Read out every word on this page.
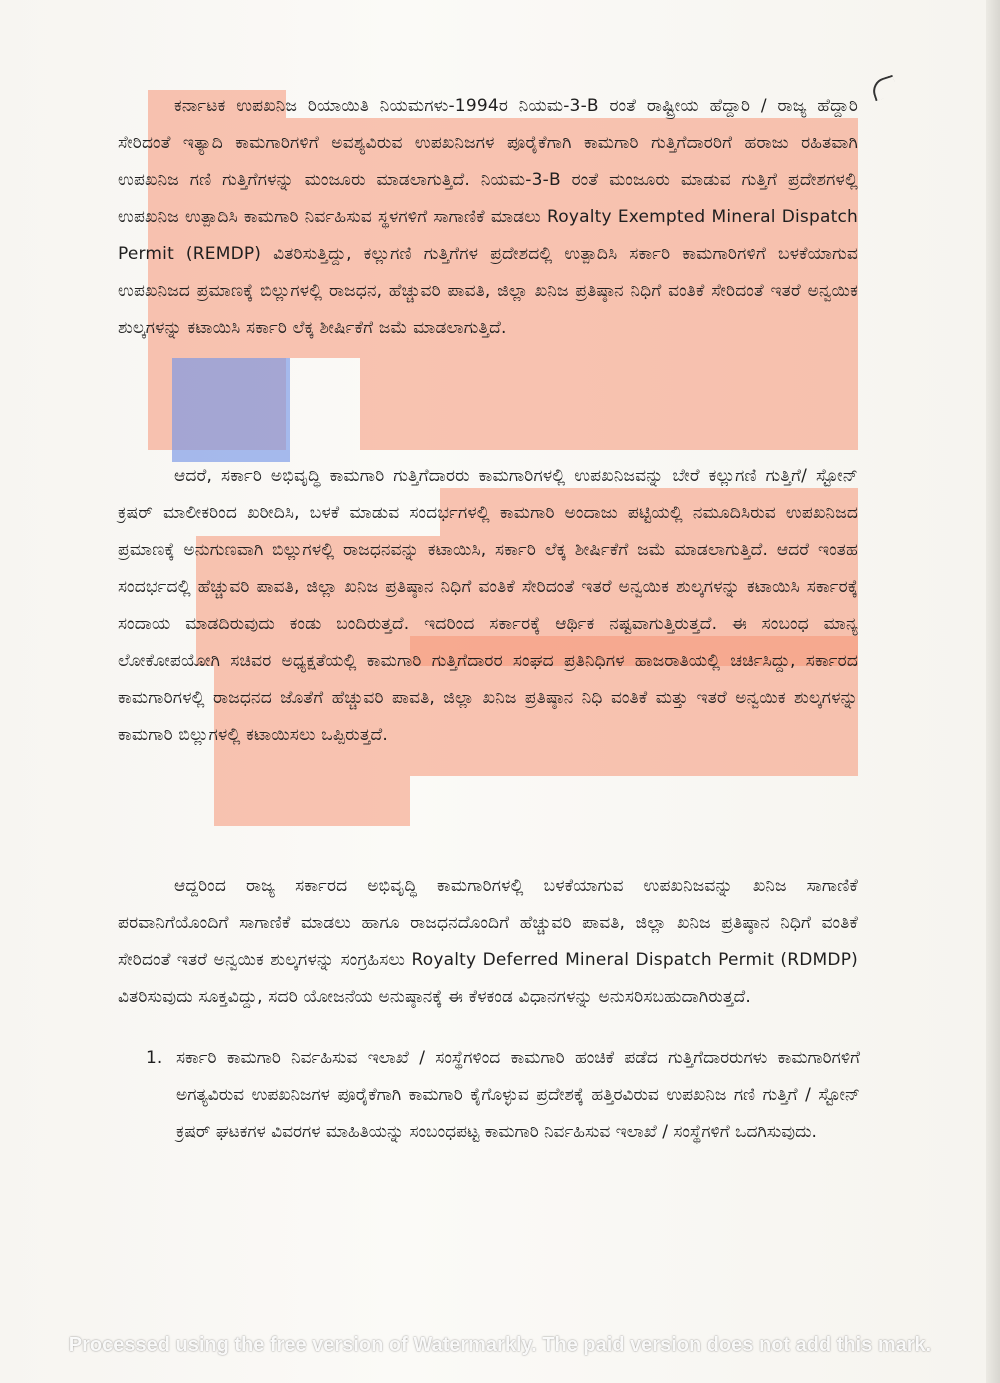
ಕರ್ನಾಟಕ ಉಪಖನಿಜ ರಿಯಾಯಿತಿ ನಿಯಮಗಳು-1994ರ ನಿಯಮ-3-B ರಂತೆ ರಾಷ್ಟ್ರೀಯ ಹೆದ್ದಾರಿ / ರಾಜ್ಯ ಹೆದ್ದಾರಿ ಸೇರಿದಂತೆ ಇತ್ಯಾದಿ ಕಾಮಗಾರಿಗಳಿಗೆ ಅವಶ್ಯವಿರುವ ಉಪಖನಿಜಗಳ ಪೂರೈಕೆಗಾಗಿ ಕಾಮಗಾರಿ ಗುತ್ತಿಗೆದಾರರಿಗೆ ಹರಾಜು ರಹಿತವಾಗಿ ಉಪಖನಿಜ ಗಣಿ ಗುತ್ತಿಗೆಗಳನ್ನು ಮಂಜೂರು ಮಾಡಲಾಗುತ್ತಿದೆ. ನಿಯಮ-3-B ರಂತೆ ಮಂಜೂರು ಮಾಡುವ ಗುತ್ತಿಗೆ ಪ್ರದೇಶಗಳಲ್ಲಿ ಉಪಖನಿಜ ಉತ್ಪಾದಿಸಿ ಕಾಮಗಾರಿ ನಿರ್ವಹಿಸುವ ಸ್ಥಳಗಳಿಗೆ ಸಾಗಾಣಿಕೆ ಮಾಡಲು Royalty Exempted Mineral Dispatch Permit (REMDP) ವಿತರಿಸುತ್ತಿದ್ದು, ಕಲ್ಲುಗಣಿ ಗುತ್ತಿಗೆಗಳ ಪ್ರದೇಶದಲ್ಲಿ ಉತ್ಪಾದಿಸಿ ಸರ್ಕಾರಿ ಕಾಮಗಾರಿಗಳಿಗೆ ಬಳಕೆಯಾಗುವ ಉಪಖನಿಜದ ಪ್ರಮಾಣಕ್ಕೆ ಬಿಲ್ಲುಗಳಲ್ಲಿ ರಾಜಧನ, ಹೆಚ್ಚುವರಿ ಪಾವತಿ, ಜಿಲ್ಲಾ ಖನಿಜ ಪ್ರತಿಷ್ಠಾನ ನಿಧಿಗೆ ವಂತಿಕೆ ಸೇರಿದಂತೆ ಇತರೆ ಅನ್ವಯಿಕ ಶುಲ್ಕಗಳನ್ನು ಕಟಾಯಿಸಿ ಸರ್ಕಾರಿ ಲೆಕ್ಕ ಶೀರ್ಷಿಕೆಗೆ ಜಮೆ ಮಾಡಲಾಗುತ್ತಿದೆ.

ಆದರೆ, ಸರ್ಕಾರಿ ಅಭಿವೃದ್ಧಿ ಕಾಮಗಾರಿ ಗುತ್ತಿಗೆದಾರರು ಕಾಮಗಾರಿಗಳಲ್ಲಿ ಉಪಖನಿಜವನ್ನು ಬೇರೆ ಕಲ್ಲುಗಣಿ ಗುತ್ತಿಗೆ/ ಸ್ಟೋನ್ ಕ್ರಷರ್ ಮಾಲೀಕರಿಂದ ಖರೀದಿಸಿ, ಬಳಕೆ ಮಾಡುವ ಸಂದರ್ಭಗಳಲ್ಲಿ ಕಾಮಗಾರಿ ಅಂದಾಜು ಪಟ್ಟಿಯಲ್ಲಿ ನಮೂದಿಸಿರುವ ಉಪಖನಿಜದ ಪ್ರಮಾಣಕ್ಕೆ ಅನುಗುಣವಾಗಿ ಬಿಲ್ಲುಗಳಲ್ಲಿ ರಾಜಧನವನ್ನು ಕಟಾಯಿಸಿ, ಸರ್ಕಾರಿ ಲೆಕ್ಕ ಶೀರ್ಷಿಕೆಗೆ ಜಮೆ ಮಾಡಲಾಗುತ್ತಿದೆ. ಆದರೆ ಇಂತಹ ಸಂದರ್ಭದಲ್ಲಿ ಹೆಚ್ಚುವರಿ ಪಾವತಿ, ಜಿಲ್ಲಾ ಖನಿಜ ಪ್ರತಿಷ್ಠಾನ ನಿಧಿಗೆ ವಂತಿಕೆ ಸೇರಿದಂತೆ ಇತರೆ ಅನ್ವಯಿಕ ಶುಲ್ಕಗಳನ್ನು ಕಟಾಯಿಸಿ ಸರ್ಕಾರಕ್ಕೆ ಸಂದಾಯ ಮಾಡದಿರುವುದು ಕಂಡು ಬಂದಿರುತ್ತದೆ. ಇದರಿಂದ ಸರ್ಕಾರಕ್ಕೆ ಆರ್ಥಿಕ ನಷ್ಟವಾಗುತ್ತಿರುತ್ತದೆ. ಈ ಸಂಬಂಧ ಮಾನ್ಯ ಲೋಕೋಪಯೋಗಿ ಸಚಿವರ ಅಧ್ಯಕ್ಷತೆಯಲ್ಲಿ ಕಾಮಗಾರಿ ಗುತ್ತಿಗೆದಾರರ ಸಂಘದ ಪ್ರತಿನಿಧಿಗಳ ಹಾಜರಾತಿಯಲ್ಲಿ ಚರ್ಚಿಸಿದ್ದು, ಸರ್ಕಾರದ ಕಾಮಗಾರಿಗಳಲ್ಲಿ ರಾಜಧನದ ಜೊತೆಗೆ ಹೆಚ್ಚುವರಿ ಪಾವತಿ, ಜಿಲ್ಲಾ ಖನಿಜ ಪ್ರತಿಷ್ಠಾನ ನಿಧಿ ವಂತಿಕೆ ಮತ್ತು ಇತರೆ ಅನ್ವಯಿಕ ಶುಲ್ಕಗಳನ್ನು ಕಾಮಗಾರಿ ಬಿಲ್ಲುಗಳಲ್ಲಿ ಕಟಾಯಿಸಲು ಒಪ್ಪಿರುತ್ತದೆ.

ಆದ್ದರಿಂದ ರಾಜ್ಯ ಸರ್ಕಾರದ ಅಭಿವೃದ್ಧಿ ಕಾಮಗಾರಿಗಳಲ್ಲಿ ಬಳಕೆಯಾಗುವ ಉಪಖನಿಜವನ್ನು ಖನಿಜ ಸಾಗಾಣಿಕೆ ಪರವಾನಿಗೆಯೊಂದಿಗೆ ಸಾಗಾಣಿಕೆ ಮಾಡಲು ಹಾಗೂ ರಾಜಧನದೊಂದಿಗೆ ಹೆಚ್ಚುವರಿ ಪಾವತಿ, ಜಿಲ್ಲಾ ಖನಿಜ ಪ್ರತಿಷ್ಠಾನ ನಿಧಿಗೆ ವಂತಿಕೆ ಸೇರಿದಂತೆ ಇತರೆ ಅನ್ವಯಿಕ ಶುಲ್ಕಗಳನ್ನು ಸಂಗ್ರಹಿಸಲು Royalty Deferred Mineral Dispatch Permit (RDMDP) ವಿತರಿಸುವುದು ಸೂಕ್ತವಿದ್ದು, ಸದರಿ ಯೋಜನೆಯ ಅನುಷ್ಠಾನಕ್ಕೆ ಈ ಕೆಳಕಂಡ ವಿಧಾನಗಳನ್ನು ಅನುಸರಿಸಬಹುದಾಗಿರುತ್ತದೆ.

1. ಸರ್ಕಾರಿ ಕಾಮಗಾರಿ ನಿರ್ವಹಿಸುವ ಇಲಾಖೆ / ಸಂಸ್ಥೆಗಳಿಂದ ಕಾಮಗಾರಿ ಹಂಚಿಕೆ ಪಡೆದ ಗುತ್ತಿಗೆದಾರರುಗಳು ಕಾಮಗಾರಿಗಳಿಗೆ ಅಗತ್ಯವಿರುವ ಉಪಖನಿಜಗಳ ಪೂರೈಕೆಗಾಗಿ ಕಾಮಗಾರಿ ಕೈಗೊಳ್ಳುವ ಪ್ರದೇಶಕ್ಕೆ ಹತ್ತಿರವಿರುವ ಉಪಖನಿಜ ಗಣಿ ಗುತ್ತಿಗೆ / ಸ್ಟೋನ್ ಕ್ರಷರ್ ಘಟಕಗಳ ವಿವರಗಳ ಮಾಹಿತಿಯನ್ನು ಸಂಬಂಧಪಟ್ಟ ಕಾಮಗಾರಿ ನಿರ್ವಹಿಸುವ ಇಲಾಖೆ / ಸಂಸ್ಥೆಗಳಿಗೆ ಒದಗಿಸುವುದು.
Processed using the free version of Watermarkly. The paid version does not add this mark.
